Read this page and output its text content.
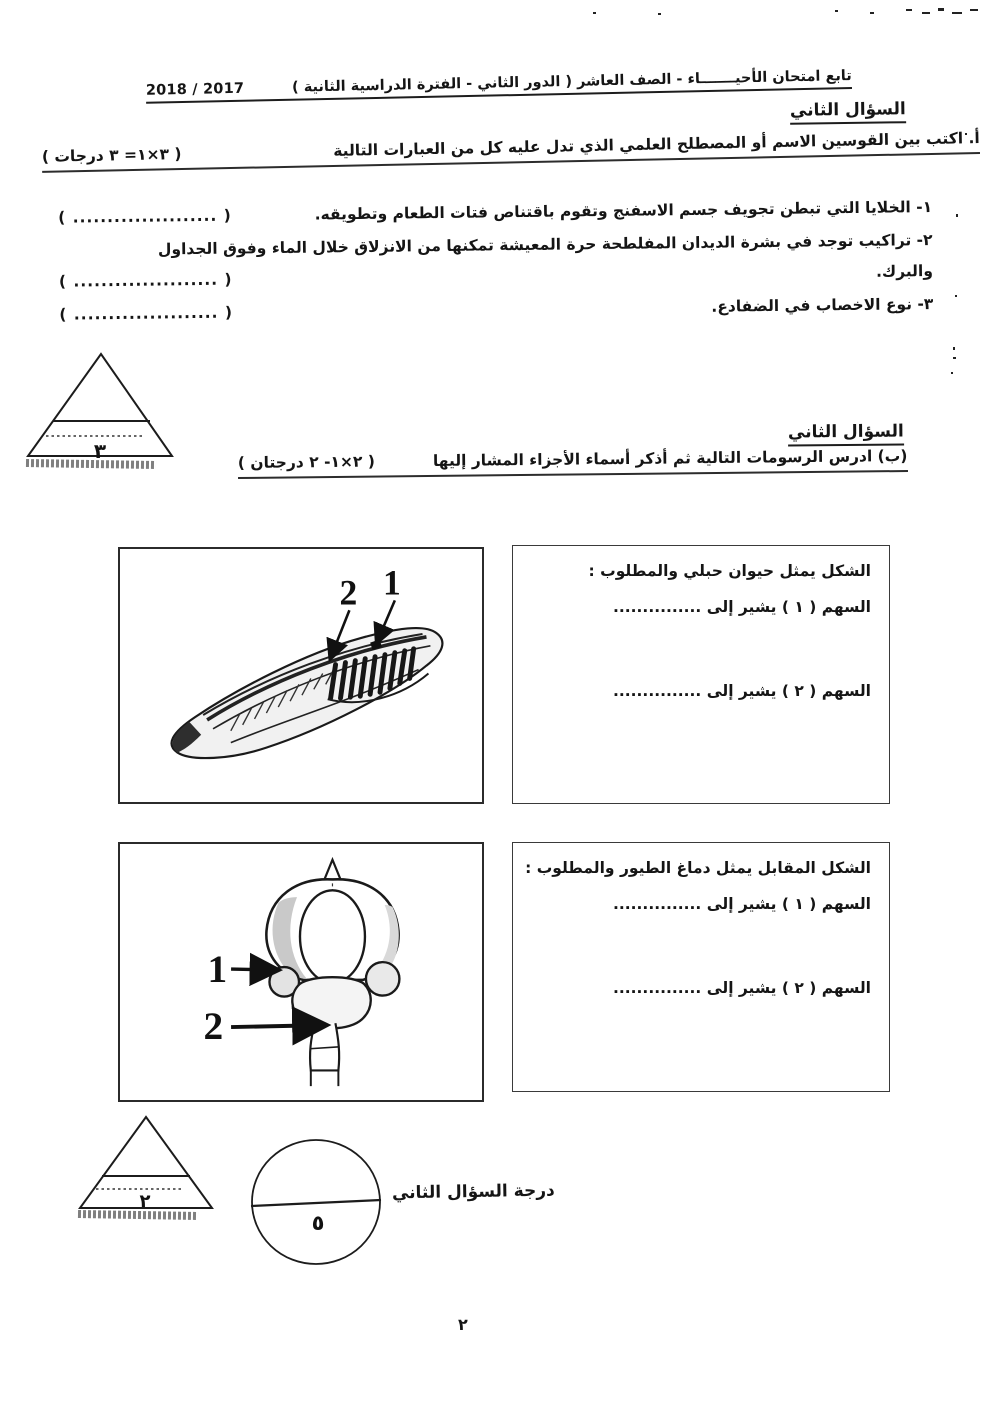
تابع امتحان الأحيـــــــاء - الصف العاشر ( الدور الثاني - الفترة الدراسية الثانية )
2017 / 2018
السؤال الثاني
أ. اكتب بين القوسين الاسم أو المصطلح العلمي الذي تدل عليه كل من العبارات التالية
( ٣×١= ٣ درجات )
١- الخلايا التي تبطن تجويف جسم الاسفنج وتقوم باقتناص فتات الطعام وتطويقه.
( ..................... )
٢- تراكيب توجد في بشرة الديدان المفلطحة حرة المعيشة تمكنها من الانزلاق خلال الماء وفوق الجداول
والبرك.
( ..................... )
٣- نوع الاخصاب في الضفادع.
( ..................... )
٣
السؤال الثاني
(ب) ادرس الرسومات التالية ثم أذكر أسماء الأجزاء المشار إليها
( ٢×١- ٢ درجتان )
2 1	الشكل يمثل حيوان حبلي والمطلوب :
السهم ( ١ ) يشير إلى ...............
السهم ( ٢ ) يشير إلى ...............
1
2
الشكل المقابل يمثل دماغ الطيور والمطلوب :
السهم ( ١ ) يشير إلى ...............
السهم ( ٢ ) يشير إلى ...............
٢
٥
درجة السؤال الثاني
٢
